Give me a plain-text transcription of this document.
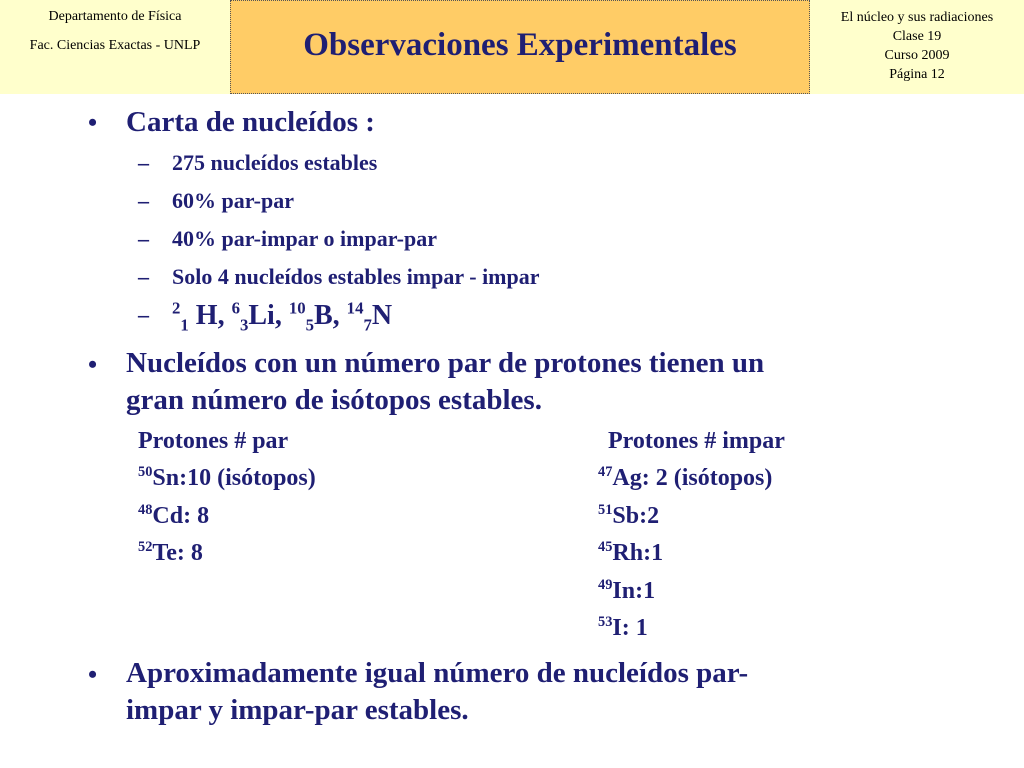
Departamento de Física
Fac. Ciencias Exactas - UNLP	Observaciones Experimentales
El núcleo y sus radiaciones
Clase 19
Curso 2009
Página 12
• Carta de nucleídos :
– 275 nucleídos estables
– 60% par-par
– 40% par-impar o impar-par
– Solo 4 nucleídos estables impar - impar
– $^2_1$ H, $^6_3$Li, $^{10}_5$B, $^{14}_7$N
• Nucleídos con un número par de protones tienen un
gran número de isótopos estables.
Protones # par
$^{50}$Sn:10 (isótopos)
$^{48}$Cd: 8
$^{52}$Te: 8
Protones # impar
$^{47}$Ag: 2 (isótopos)
$^{51}$Sb:2
$^{45}$Rh:1
$^{49}$In:1
$^{53}$I: 1
• Aproximadamente igual número de nucleídos par-
impar y impar-par estables.
